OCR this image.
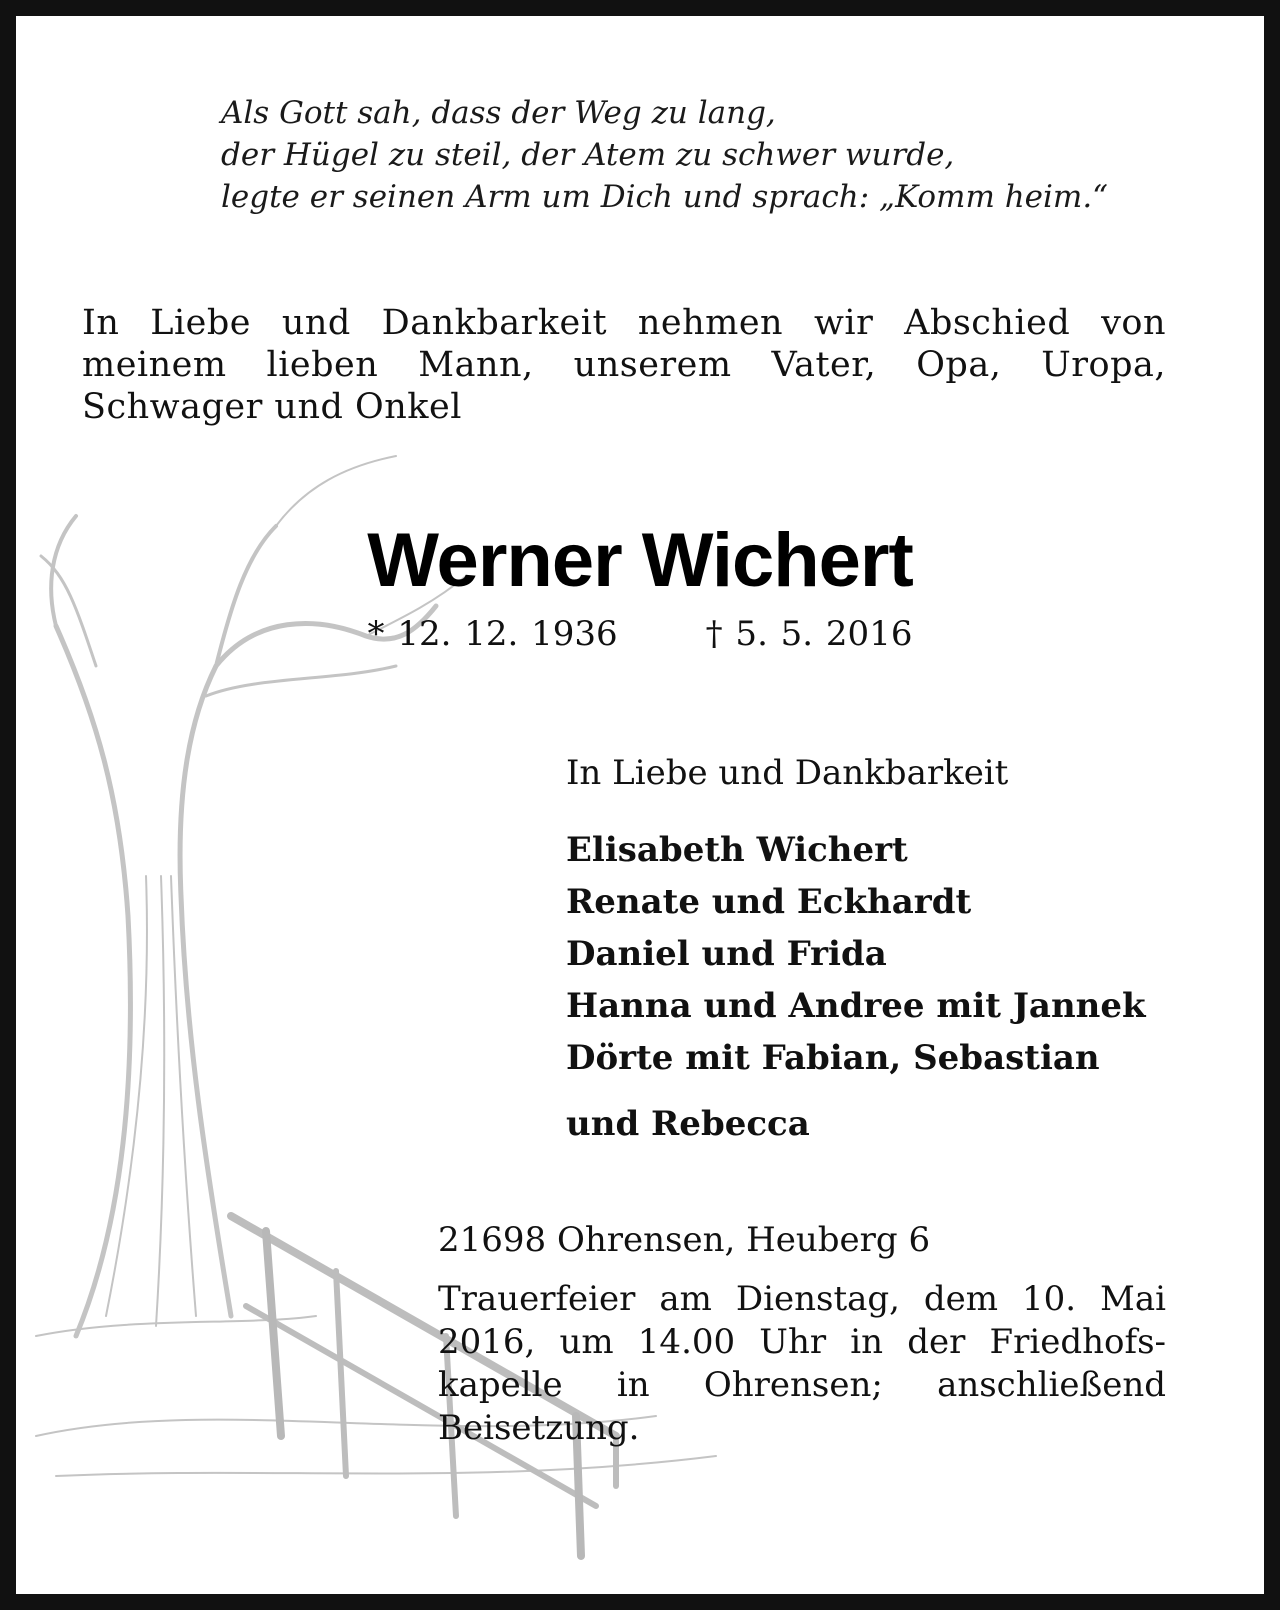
Als Gott sah, dass der Weg zu lang,
der Hügel zu steil, der Atem zu schwer wurde,
legte er seinen Arm um Dich und sprach: „Komm heim.“
In Liebe und Dankbarkeit nehmen wir Abschied von
meinem lieben Mann, unserem Vater, Opa, Uropa,
Schwager und Onkel
Werner Wichert
* 12. 12. 1936	† 5. 5. 2016
In Liebe und Dankbarkeit
Elisabeth Wichert
Renate und Eckhardt
Daniel und Frida
Hanna und Andree mit Jannek
Dörte mit Fabian, Sebastian
und Rebecca
21698 Ohrensen, Heuberg 6
Trauerfeier am Dienstag, dem 10. Mai
2016, um 14.00 Uhr in der Friedhofs-
kapelle in Ohrensen; anschließend
Beisetzung.
